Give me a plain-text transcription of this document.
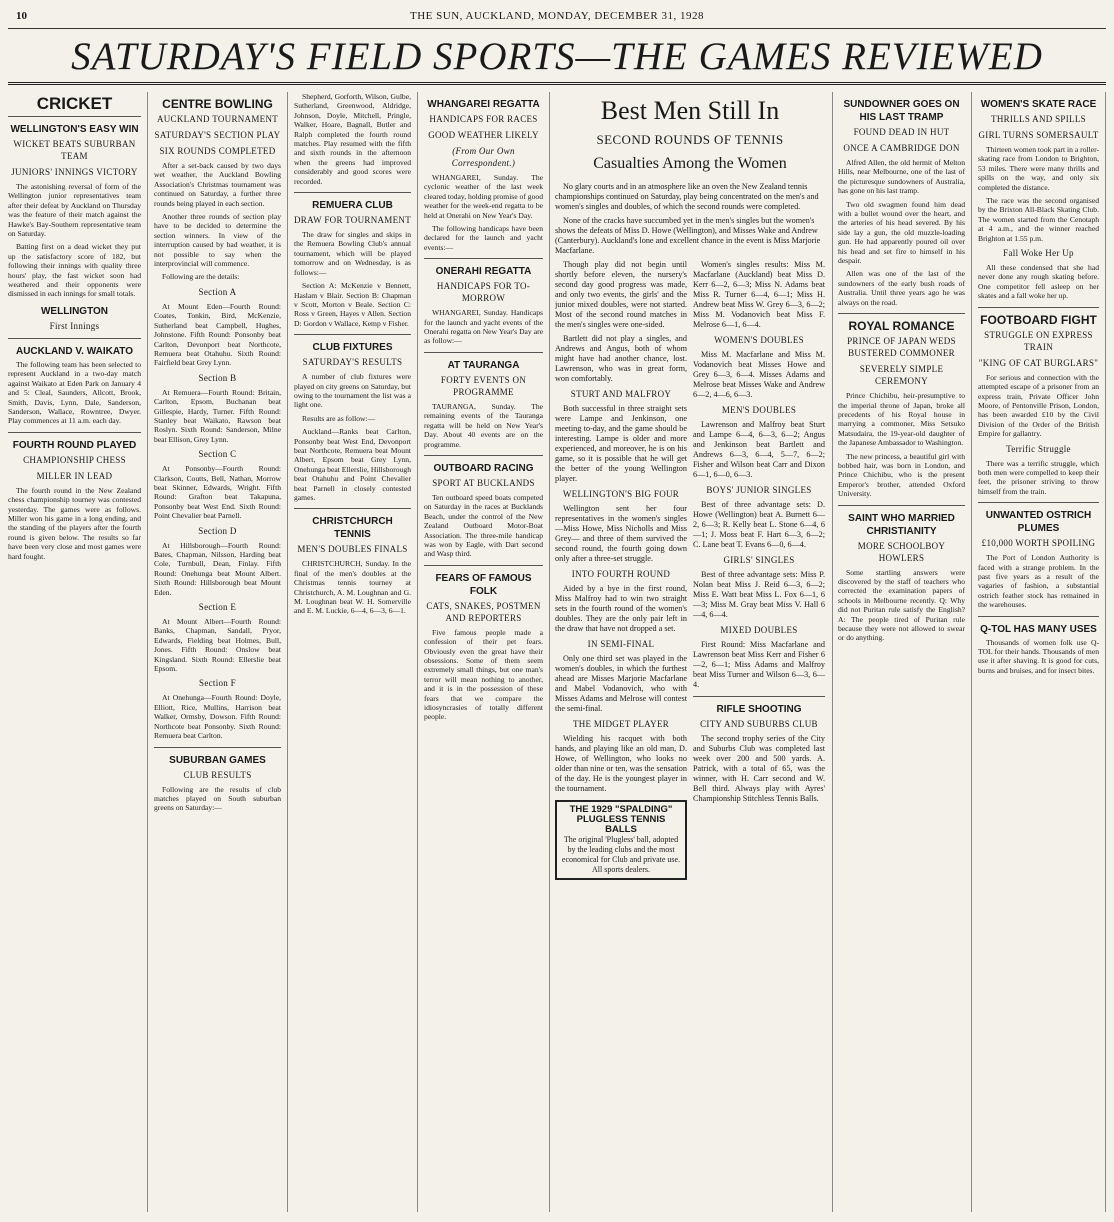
10	THE SUN, AUCKLAND, MONDAY, DECEMBER 31, 1928
SATURDAY'S FIELD SPORTS—THE GAMES REVIEWED
CRICKET
WELLINGTON'S EASY WIN
WICKET BEATS SUBURBAN TEAM
JUNIORS' INNINGS VICTORY

The astonishing reversal of form of the Wellington junior representatives team after their defeat by Auckland on Thursday was the feature of their match against the Hawke's Bay-Southern representative team on Saturday.

Batting first on a dead wicket they put up the satisfactory score of 182, but following their innings with quality three hours' play, the fast wicket soon had weathered and their opponents were dismissed in each innings for small totals.

WELLINGTON
First Innings
AUCKLAND V. WAIKATO

The following team has been selected to represent Auckland in a two-day match against Waikato at Eden Park on January 4 and 5: Cleal, Saunders, Allcott, Brook, Smith, Davis, Lynn, Dale, Sanderson, Sanderson, Wallace, Rowntree, Dwyer. Play commences at 11 a.m. each day.

FOURTH ROUND PLAYED
CHAMPIONSHIP CHESS
MILLER IN LEAD

The fourth round in the New Zealand chess championship tourney was contested yesterday. The games were as follows. Miller won his game in a long ending, and the standing of the players after the fourth round is given below. The results so far have been very close and most games were hard fought.

CENTRE BOWLING
AUCKLAND TOURNAMENT
SATURDAY'S SECTION PLAY
SIX ROUNDS COMPLETED

After a set-back caused by two days wet weather, the Auckland Bowling Association's Christmas tournament was continued on Saturday, a further three rounds being played in each section.

Another three rounds of section play have to be decided to determine the section winners. In view of the interruption caused by bad weather, it is not possible to say when the interprovincial will commence.

Following are the details:

Section A

At Mount Eden—Fourth Round: Coates, Tonkin, Bird, McKenzie, Sutherland beat Campbell, Hughes, Johnstone. Fifth Round: Ponsonby beat Carlton, Devonport beat Northcote, Remuera beat Otahuhu. Sixth Round: Fairfield beat Grey Lynn.

Section B

At Remuera—Fourth Round: Britain, Carlton, Epsom, Buchanan beat Gillespie, Hardy, Turner. Fifth Round: Stanley beat Waikato, Rawson beat Roslyn. Sixth Round: Sanderson, Milne beat Ellison, Grey Lynn.

Section C

At Ponsonby—Fourth Round: Clarkson, Coutts, Bell, Nathan, Morrow beat Skinner, Edwards, Wright. Fifth Round: Grafton beat Takapuna, Ponsonby beat West End. Sixth Round: Point Chevalier beat Parnell.

Section D

At Hillsborough—Fourth Round: Bates, Chapman, Nilsson, Harding beat Cole, Turnbull, Dean, Finlay. Fifth Round: Onehunga beat Mount Albert. Sixth Round: Hillsborough beat Mount Eden.

Section E

At Mount Albert—Fourth Round: Banks, Chapman, Sandall, Pryor, Edwards, Fielding beat Holmes, Bull, Jones. Fifth Round: Onslow beat Kingsland. Sixth Round: Ellerslie beat Epsom.

Section F

At Onehunga—Fourth Round: Doyle, Elliott, Rice, Mullins, Harrison beat Walker, Ormsby, Dowson. Fifth Round: Northcote beat Ponsonby. Sixth Round: Remuera beat Carlton.

SUBURBAN GAMES
CLUB RESULTS

Following are the results of club matches played on South suburban greens on Saturday:—

Shepherd, Gorforth, Wilson, Gulbe, Sutherland, Greenwood, Aldridge, Johnson, Doyle, Mitchell, Pringle, Walker, Hoare, Bagnall, Butler and Ralph completed the fourth round matches. Play resumed with the fifth and sixth rounds in the afternoon when the greens had improved considerably and good scores were recorded.

REMUERA CLUB
DRAW FOR TOURNAMENT

The draw for singles and skips in the Remuera Bowling Club's annual tournament, which will be played tomorrow and on Wednesday, is as follows:—

Section A: McKenzie v Bennett, Haslam v Blair. Section B: Chapman v Scott, Morton v Beale. Section C: Ross v Green, Hayes v Allen. Section D: Gordon v Wallace, Kemp v Fisher.

CLUB FIXTURES
SATURDAY'S RESULTS

A number of club fixtures were played on city greens on Saturday, but owing to the tournament the list was a light one.

Results are as follow:—

Auckland—Ranks beat Carlton, Ponsonby beat West End, Devonport beat Northcote, Remuera beat Mount Albert, Epsom beat Grey Lynn, Onehunga beat Ellerslie, Hillsborough beat Otahuhu and Point Chevalier beat Parnell in closely contested games.

CHRISTCHURCH TENNIS
MEN'S DOUBLES FINALS

CHRISTCHURCH, Sunday. In the final of the men's doubles at the Christmas tennis tourney at Christchurch, A. M. Loughnan and G. M. Loughnan beat W. H. Somerville and E. M. Luckie, 6—4, 6—3, 6—1.

WHANGAREI REGATTA
HANDICAPS FOR RACES
GOOD WEATHER LIKELY
(From Our Own Correspondent.)

WHANGAREI, Sunday. The cyclonic weather of the last week cleared today, holding promise of good weather for the week-end regatta to be held at Onerahi on New Year's Day.

The following handicaps have been declared for the launch and yacht events:—

ONERAHI REGATTA
HANDICAPS FOR TO-MORROW

WHANGAREI, Sunday. Handicaps for the launch and yacht events of the Onerahi regatta on New Year's Day are as follow:—

AT TAURANGA
FORTY EVENTS ON PROGRAMME

TAURANGA, Sunday. The remaining events of the Tauranga regatta will be held on New Year's Day. About 40 events are on the programme.

OUTBOARD RACING
SPORT AT BUCKLANDS

Ten outboard speed boats competed on Saturday in the races at Bucklands Beach, under the control of the New Zealand Outboard Motor-Boat Association. The three-mile handicap was won by Eagle, with Dart second and Wasp third.

FEARS OF FAMOUS FOLK
CATS, SNAKES, POSTMEN AND REPORTERS

Five famous people made a confession of their pet fears. Obviously even the great have their obsessions. Some of them seem extremely small things, but one man's terror will mean nothing to another, and it is in the possession of these fears that we compare the idiosyncrasies of totally different people.

Best Men Still In
SECOND ROUNDS OF TENNIS
Casualties Among the Women

No glary courts and in an atmosphere like an oven the New Zealand tennis championships continued on Saturday, play being concentrated on the men's and women's singles and doubles, of which the second rounds were completed.

None of the cracks have succumbed yet in the men's singles but the women's shows the defeats of Miss D. Howe (Wellington), and Misses Wake and Andrew (Canterbury). Auckland's lone and excellent chance in the event is Miss Marjorie Macfarlane.

Though play did not begin until shortly before eleven, the nursery's second day good progress was made, and only two events, the girls' and the junior mixed doubles, were not started. Most of the second round matches in the men's singles were one-sided.

Bartlett did not play a singles, and Andrews and Angus, both of whom might have had another chance, lost. Lawrenson, who was in great form, won comfortably.

STURT AND MALFROY

Both successful in three straight sets were Lampe and Jenkinson, one meeting to-day, and the game should be interesting. Lampe is older and more experienced, and moreover, he is on his game, so it is possible that he will get the better of the young Wellington player.

WELLINGTON'S BIG FOUR

Wellington sent her four representatives in the women's singles—Miss Howe, Miss Nicholls and Miss Grey— and three of them survived the second round, the fourth going down only after a three-set struggle.

INTO FOURTH ROUND

Aided by a bye in the first round, Miss Malfroy had to win two straight sets in the fourth round of the women's doubles. They are the only pair left in the draw that have not dropped a set.

IN SEMI-FINAL

Only one third set was played in the women's doubles, in which the furthest ahead are Misses Marjorie Macfarlane and Mabel Vodanovich, who with Misses Adams and Melrose will contest the semi-final.

THE MIDGET PLAYER

Wielding his racquet with both hands, and playing like an old man, D. Howe, of Wellington, who looks no older than nine or ten, was the sensation of the day. He is the youngest player in the tournament.

THE 1929 "SPALDING" PLUGLESS TENNIS BALLS
The original 'Plugless' ball, adopted by the leading clubs and the most economical for Club and private use. All sports dealers.

Women's singles results: Miss M. Macfarlane (Auckland) beat Miss D. Kerr 6—2, 6—3; Miss N. Adams beat Miss R. Turner 6—4, 6—1; Miss H. Andrew beat Miss W. Grey 6—3, 6—2; Miss M. Vodanovich beat Miss F. Melrose 6—1, 6—4.

WOMEN'S DOUBLES

Miss M. Macfarlane and Miss M. Vodanovich beat Misses Howe and Grey 6—3, 6—4. Misses Adams and Melrose beat Misses Wake and Andrew 6—2, 4—6, 6—3.

MEN'S DOUBLES

Lawrenson and Malfroy beat Sturt and Lampe 6—4, 6—3, 6—2; Angus and Jenkinson beat Bartlett and Andrews 6—3, 6—4, 5—7, 6—2; Fisher and Wilson beat Carr and Dixon 6—1, 6—0, 6—3.

BOYS' JUNIOR SINGLES

Best of three advantage sets: D. Howe (Wellington) beat A. Burnett 6—2, 6—3; R. Kelly beat L. Stone 6—4, 6—1; J. Moss beat F. Hart 6—3, 6—2; C. Lane beat T. Evans 6—0, 6—4.

GIRLS' SINGLES

Best of three advantage sets: Miss P. Nolan beat Miss J. Reid 6—3, 6—2; Miss E. Watt beat Miss L. Fox 6—1, 6—3; Miss M. Gray beat Miss V. Hall 6—4, 6—4.

MIXED DOUBLES

First Round: Miss Macfarlane and Lawrenson beat Miss Kerr and Fisher 6—2, 6—1; Miss Adams and Malfroy beat Miss Turner and Wilson 6—3, 6—4.

RIFLE SHOOTING
CITY AND SUBURBS CLUB

The second trophy series of the City and Suburbs Club was completed last week over 200 and 500 yards. A. Patrick, with a total of 65, was the winner, with H. Carr second and W. Bell third. Always play with Ayres' Championship Stitchless Tennis Balls.

SUNDOWNER GOES ON HIS LAST TRAMP
FOUND DEAD IN HUT
ONCE A CAMBRIDGE DON

Alfred Allen, the old hermit of Melton Hills, near Melbourne, one of the last of the picturesque sundowners of Australia, has gone on his last tramp.

Two old swagmen found him dead with a bullet wound over the heart, and the arteries of his head severed. By his side lay a gun, the old muzzle-loading gun. He had apparently poured oil over his head and set fire to himself in his despair.

Allen was one of the last of the sundowners of the early bush roads of Australia. Until three years ago he was always on the road.

ROYAL ROMANCE
PRINCE OF JAPAN WEDS BUSTERED COMMONER
SEVERELY SIMPLE CEREMONY

Prince Chichibu, heir-presumptive to the imperial throne of Japan, broke all precedents of his Royal house in marrying a commoner, Miss Setsuko Matsudaira, the 19-year-old daughter of the Japanese Ambassador to Washington.

The new princess, a beautiful girl with bobbed hair, was born in London, and Prince Chichibu, who is the present Emperor's brother, attended Oxford University.

SAINT WHO MARRIED CHRISTIANITY
MORE SCHOOLBOY HOWLERS

Some startling answers were discovered by the staff of teachers who corrected the examination papers of schools in Melbourne recently. Q: Why did not Puritan rule satisfy the English? A: The people tired of Puritan rule because they were not allowed to swear or do anything.

WOMEN'S SKATE RACE
THRILLS AND SPILLS
GIRL TURNS SOMERSAULT

Thirteen women took part in a roller-skating race from London to Brighton, 53 miles. There were many thrills and spills on the way, and only six completed the distance.

The race was the second organised by the Brixton All-Black Skating Club. The women started from the Cenotaph at 4 a.m., and the winner reached Brighton at 1.55 p.m.

Fall Woke Her Up

All these condensed that she had never done any rough skating before. One competitor fell asleep on her skates and a fall woke her up.

FOOTBOARD FIGHT
STRUGGLE ON EXPRESS TRAIN
"KING OF CAT BURGLARS"

For serious and connection with the attempted escape of a prisoner from an express train, Private Officer John Moore, of Pentonville Prison, London, has been awarded £10 by the Civil Division of the Order of the British Empire for gallantry.

Terrific Struggle

There was a terrific struggle, which both men were compelled to keep their feet, the prisoner striving to throw himself from the train.

UNWANTED OSTRICH PLUMES
£10,000 WORTH SPOILING

The Port of London Authority is faced with a strange problem. In the past five years as a result of the vagaries of fashion, a substantial ostrich feather stock has remained in the warehouses.

Q-TOL HAS MANY USES

Thousands of women folk use Q-TOL for their hands. Thousands of men use it after shaving. It is good for cuts, burns and bruises, and for insect bites.
